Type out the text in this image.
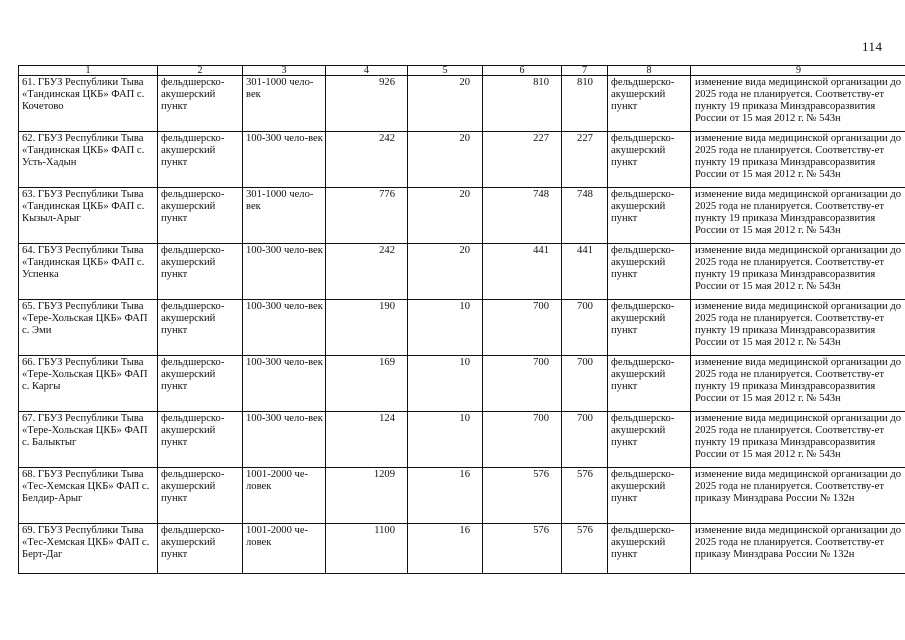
114
1	2	3	4	5	6	7	8	9
61. ГБУЗ Республики Тыва «Тандинская ЦКБ» ФАП с. Кочетово	фельдшерско-акушерский пункт	301-1000 чело-век	926	20	810	810	фельдшерско-акушерский пункт	изменение вида медицинской организации до 2025 года не планируется. Соответству-ет пункту 19 приказа Минздравсоразвития России от 15 мая 2012 г. № 543н
62. ГБУЗ Республики Тыва «Тандинская ЦКБ» ФАП с. Усть-Хадын	фельдшерско-акушерский пункт	100-300 чело-век	242	20	227	227	фельдшерско-акушерский пункт	изменение вида медицинской организации до 2025 года не планируется. Соответству-ет пункту 19 приказа Минздравсоразвития России от 15 мая 2012 г. № 543н
63. ГБУЗ Республики Тыва «Тандинская ЦКБ» ФАП с. Кызыл-Арыг	фельдшерско-акушерский пункт	301-1000 чело-век	776	20	748	748	фельдшерско-акушерский пункт	изменение вида медицинской организации до 2025 года не планируется. Соответству-ет пункту 19 приказа Минздравсоразвития России от 15 мая 2012 г. № 543н
64. ГБУЗ Республики Тыва «Тандинская ЦКБ» ФАП с. Успенка	фельдшерско-акушерский пункт	100-300 чело-век	242	20	441	441	фельдшерско-акушерский пункт	изменение вида медицинской организации до 2025 года не планируется. Соответству-ет пункту 19 приказа Минздравсоразвития России от 15 мая 2012 г. № 543н
65. ГБУЗ Республики Тыва «Тере-Хольская ЦКБ» ФАП с. Эми	фельдшерско-акушерский пункт	100-300 чело-век	190	10	700	700	фельдшерско-акушерский пункт	изменение вида медицинской организации до 2025 года не планируется. Соответству-ет пункту 19 приказа Минздравсоразвития России от 15 мая 2012 г. № 543н
66. ГБУЗ Республики Тыва «Тере-Хольская ЦКБ» ФАП с. Каргы	фельдшерско-акушерский пункт	100-300 чело-век	169	10	700	700	фельдшерско-акушерский пункт	изменение вида медицинской организации до 2025 года не планируется. Соответству-ет пункту 19 приказа Минздравсоразвития России от 15 мая 2012 г. № 543н
67. ГБУЗ Республики Тыва «Тере-Хольская ЦКБ» ФАП с. Балыктыг	фельдшерско-акушерский пункт	100-300 чело-век	124	10	700	700	фельдшерско-акушерский пункт	изменение вида медицинской организации до 2025 года не планируется. Соответству-ет пункту 19 приказа Минздравсоразвития России от 15 мая 2012 г. № 543н
68. ГБУЗ Республики Тыва «Тес-Хемская ЦКБ» ФАП с. Белдир-Арыг	фельдшерско-акушерский пункт	1001-2000 че-ловек	1209	16	576	576	фельдшерско-акушерский пункт	изменение вида медицинской организации до 2025 года не планируется. Соответству-ет приказу Минздрава России № 132н
69. ГБУЗ Республики Тыва «Тес-Хемская ЦКБ» ФАП с. Берт-Даг	фельдшерско-акушерский пункт	1001-2000 че-ловек	1100	16	576	576	фельдшерско-акушерский пункт	изменение вида медицинской организации до 2025 года не планируется. Соответству-ет приказу Минздрава России № 132н
